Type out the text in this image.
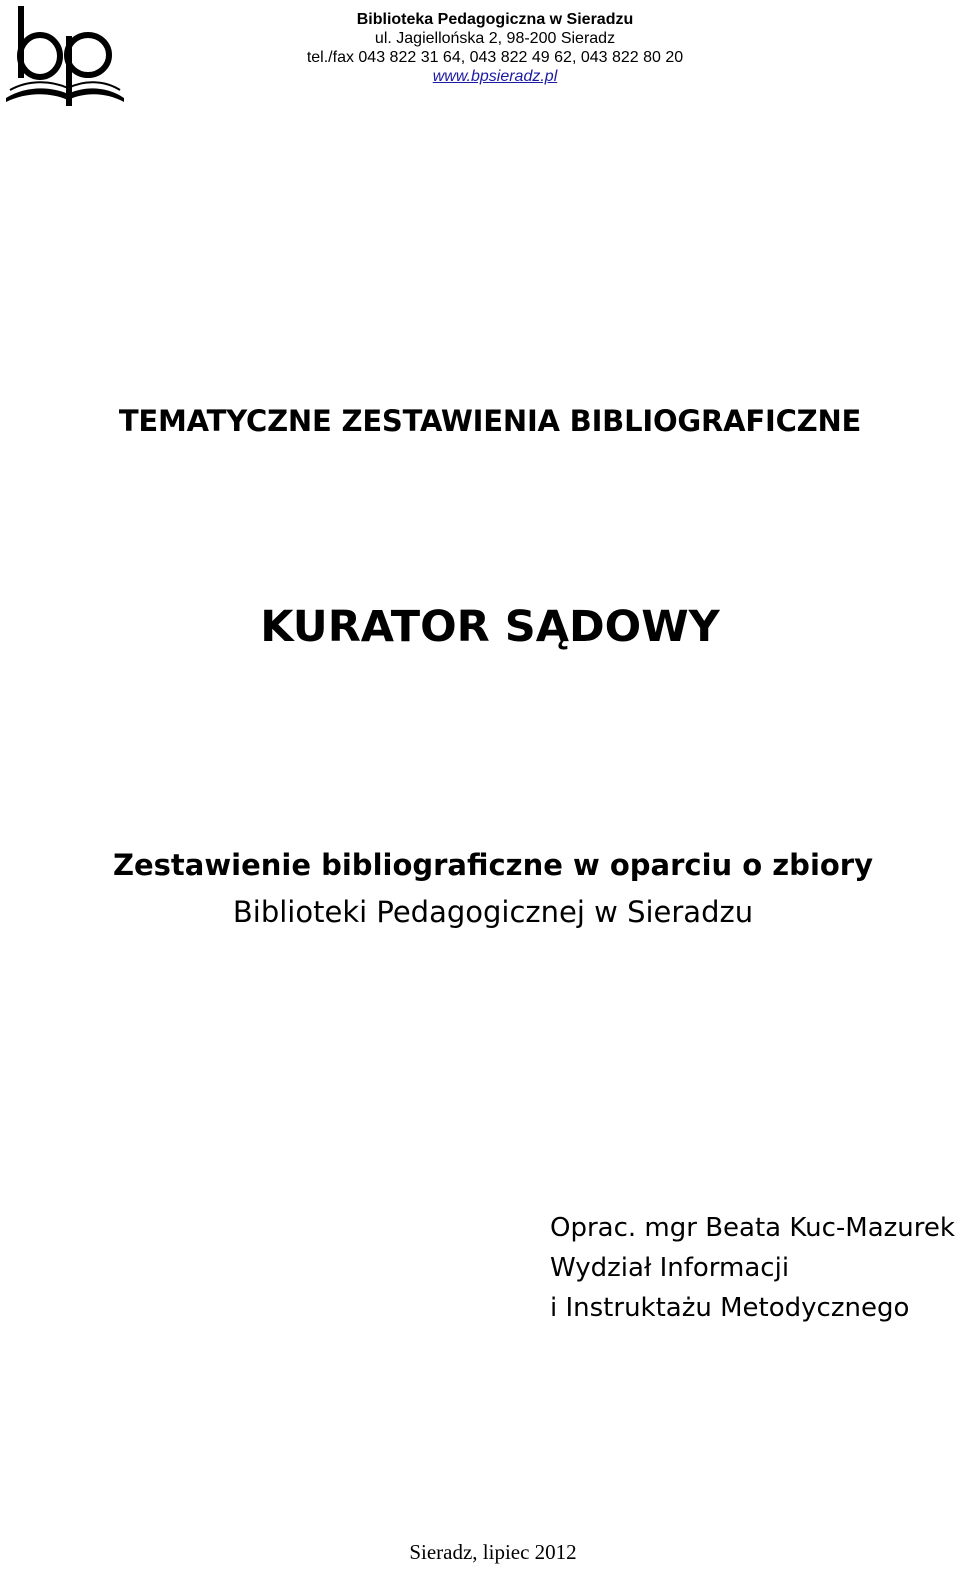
Biblioteka Pedagogiczna w Sieradzu
ul. Jagiellońska 2, 98-200 Sieradz
tel./fax 043 822 31 64, 043 822 49 62, 043 822 80 20
www.bpsieradz.pl
TEMATYCZNE ZESTAWIENIA BIBLIOGRAFICZNE
KURATOR SĄDOWY
Zestawienie bibliograficzne w oparciu o zbiory
Biblioteki Pedagogicznej w Sieradzu
Oprac. mgr Beata Kuc-Mazurek
Wydział Informacji
i Instruktażu Metodycznego
Sieradz, lipiec 2012
